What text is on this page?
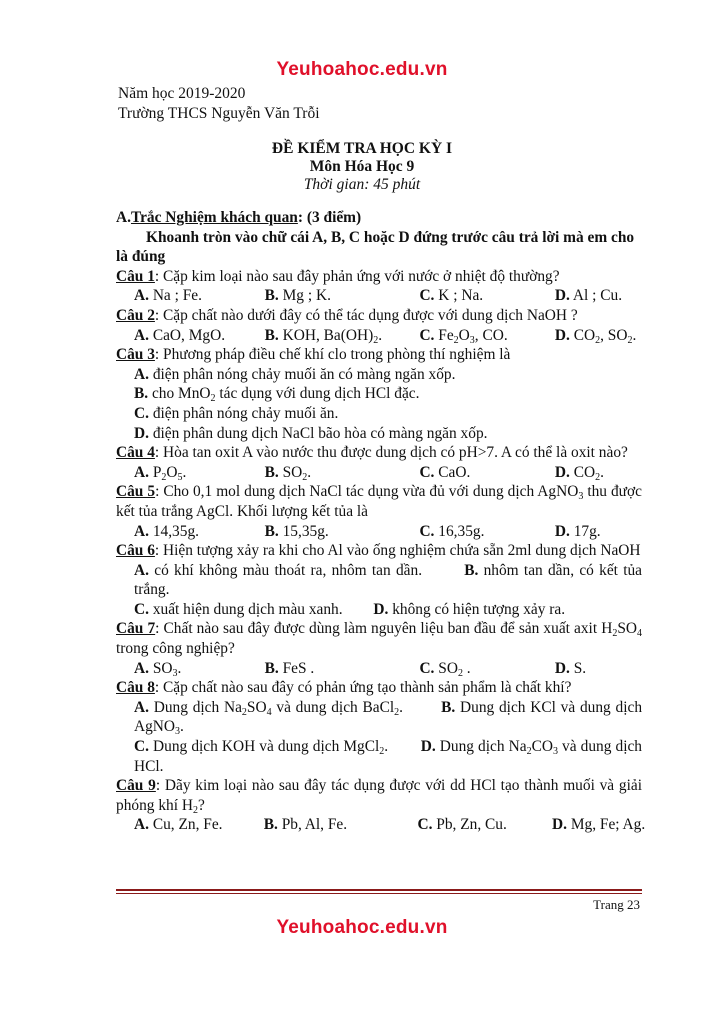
Yeuhoahoc.edu.vn
Năm học 2019-2020
Trường THCS Nguyễn Văn Trỗi
ĐỀ KIỂM TRA HỌC KỲ I
Môn Hóa Học 9
Thời gian: 45 phút
A.Trắc Nghiệm khách quan: (3 điểm)
Khoanh tròn vào chữ cái A, B, C hoặc D đứng trước câu trả lời mà em cho là đúng
Câu 1: Cặp kim loại nào sau đây phản ứng với nước ở nhiệt độ thường?
A. Na ; Fe.	B. Mg ; K.	C. K ; Na.	D. Al ; Cu.
Câu 2: Cặp chất nào dưới đây có thể tác dụng được với dung dịch NaOH ?
A. CaO, MgO.	B. KOH, $Ba(OH)_2$.	C. $Fe_2O_3$, CO.	D. $CO_2$, $SO_2$.
Câu 3: Phương pháp điều chế khí clo trong phòng thí nghiệm là
A. điện phân nóng chảy muối ăn có màng ngăn xốp.
B. cho MnO$_2$ tác dụng với dung dịch HCl đặc.
C. điện phân nóng chảy muối ăn.
D. điện phân dung dịch NaCl bão hòa có màng ngăn xốp.
Câu 4: Hòa tan oxit A vào nước thu được dung dịch có pH>7. A có thể là oxit nào?
A. $P_2O_5$.	B. $SO_2$.	C. CaO.	D. $CO_2$.
Câu 5: Cho 0,1 mol dung dịch NaCl tác dụng vừa đủ với dung dịch AgNO$_3$ thu được kết tủa trắng AgCl. Khối lượng kết tủa là
A. 14,35g.	B. 15,35g.	C. 16,35g.	D. 17g.
Câu 6: Hiện tượng xảy ra khi cho Al vào ống nghiệm chứa sẵn 2ml dung dịch NaOH
A. có khí không màu thoát ra, nhôm tan dần.	B. nhôm tan dần, có kết tủa trắng.
C. xuất hiện dung dịch màu xanh. D. không có hiện tượng xảy ra.
Câu 7: Chất nào sau đây được dùng làm nguyên liệu ban đầu để sản xuất axit $H_2SO_4$ trong công nghiệp?
A. $SO_3$.	B. FeS .	C. $SO_2$ .	D. S.
Câu 8: Cặp chất nào sau đây có phản ứng tạo thành sản phẩm là chất khí?
A. Dung dịch $Na_2SO_4$ và dung dịch BaCl$_2$. B. Dung dịch KCl và dung dịch AgNO$_3$.
C. Dung dịch KOH và dung dịch MgCl$_2$. D. Dung dịch $Na_2CO_3$ và dung dịch HCl.
Câu 9: Dãy kim loại nào sau đây tác dụng được với dd HCl tạo thành muối và giải phóng khí $H_2$?
A. Cu, Zn, Fe.	B. Pb, Al, Fe.	C. Pb, Zn, Cu.	D. Mg, Fe; Ag.
Trang 23
Yeuhoahoc.edu.vn
